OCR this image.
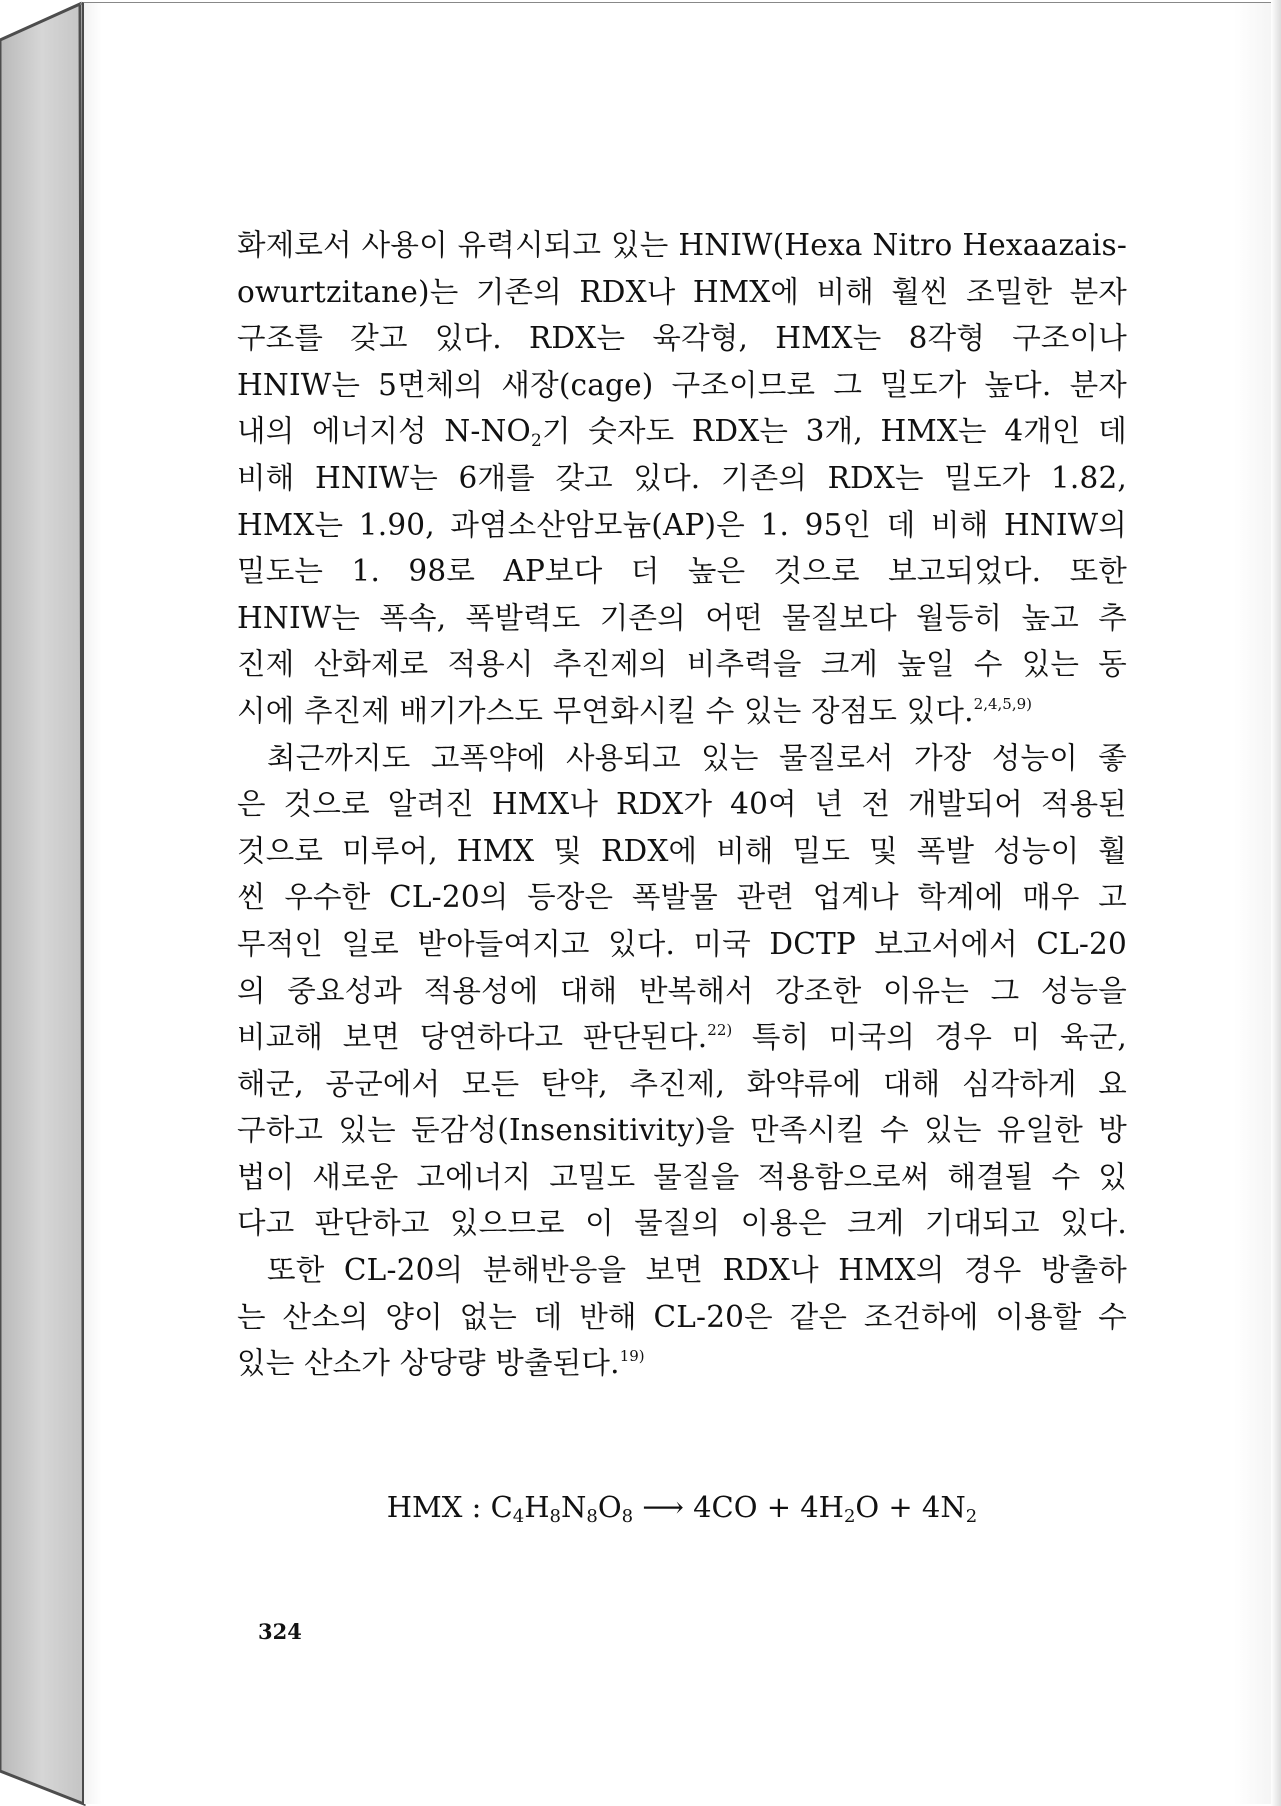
화제로서 사용이 유력시되고 있는 HNIW(Hexa Nitro Hexaazais-
owurtzitane)는 기존의 RDX나 HMX에 비해 훨씬 조밀한 분자
구조를 갖고 있다. RDX는 육각형, HMX는 8각형 구조이나
HNIW는 5면체의 새장(cage) 구조이므로 그 밀도가 높다. 분자
내의 에너지성 $N-NO_2$기 숫자도 RDX는 3개, HMX는 4개인 데
비해 HNIW는 6개를 갖고 있다. 기존의 RDX는 밀도가 1.82,
HMX는 1.90, 과염소산암모늄(AP)은 1. 95인 데 비해 HNIW의
밀도는 1. 98로 AP보다 더 높은 것으로 보고되었다. 또한
HNIW는 폭속, 폭발력도 기존의 어떤 물질보다 월등히 높고 추
진제 산화제로 적용시 추진제의 비추력을 크게 높일 수 있는 동
시에 추진제 배기가스도 무연화시킬 수 있는 장점도 있다.$^{2,4,5,9)}$
최근까지도 고폭약에 사용되고 있는 물질로서 가장 성능이 좋
은 것으로 알려진 HMX나 RDX가 40여 년 전 개발되어 적용된
것으로 미루어, HMX 및 RDX에 비해 밀도 및 폭발 성능이 훨
씬 우수한 CL-20의 등장은 폭발물 관련 업계나 학계에 매우 고
무적인 일로 받아들여지고 있다. 미국 DCTP 보고서에서 CL-20
의 중요성과 적용성에 대해 반복해서 강조한 이유는 그 성능을
비교해 보면 당연하다고 판단된다.$^{22)}$ 특히 미국의 경우 미 육군,
해군, 공군에서 모든 탄약, 추진제, 화약류에 대해 심각하게 요
구하고 있는 둔감성(Insensitivity)을 만족시킬 수 있는 유일한 방
법이 새로운 고에너지 고밀도 물질을 적용함으로써 해결될 수 있
다고 판단하고 있으므로 이 물질의 이용은 크게 기대되고 있다.
또한 CL-20의 분해반응을 보면 RDX나 HMX의 경우 방출하
는 산소의 양이 없는 데 반해 CL-20은 같은 조건하에 이용할 수
있는 산소가 상당량 방출된다.$^{19)}$
HMX : $C_4H_8N_8O_8$ ⟶ $4CO + 4H_2O + 4N_2$
324
